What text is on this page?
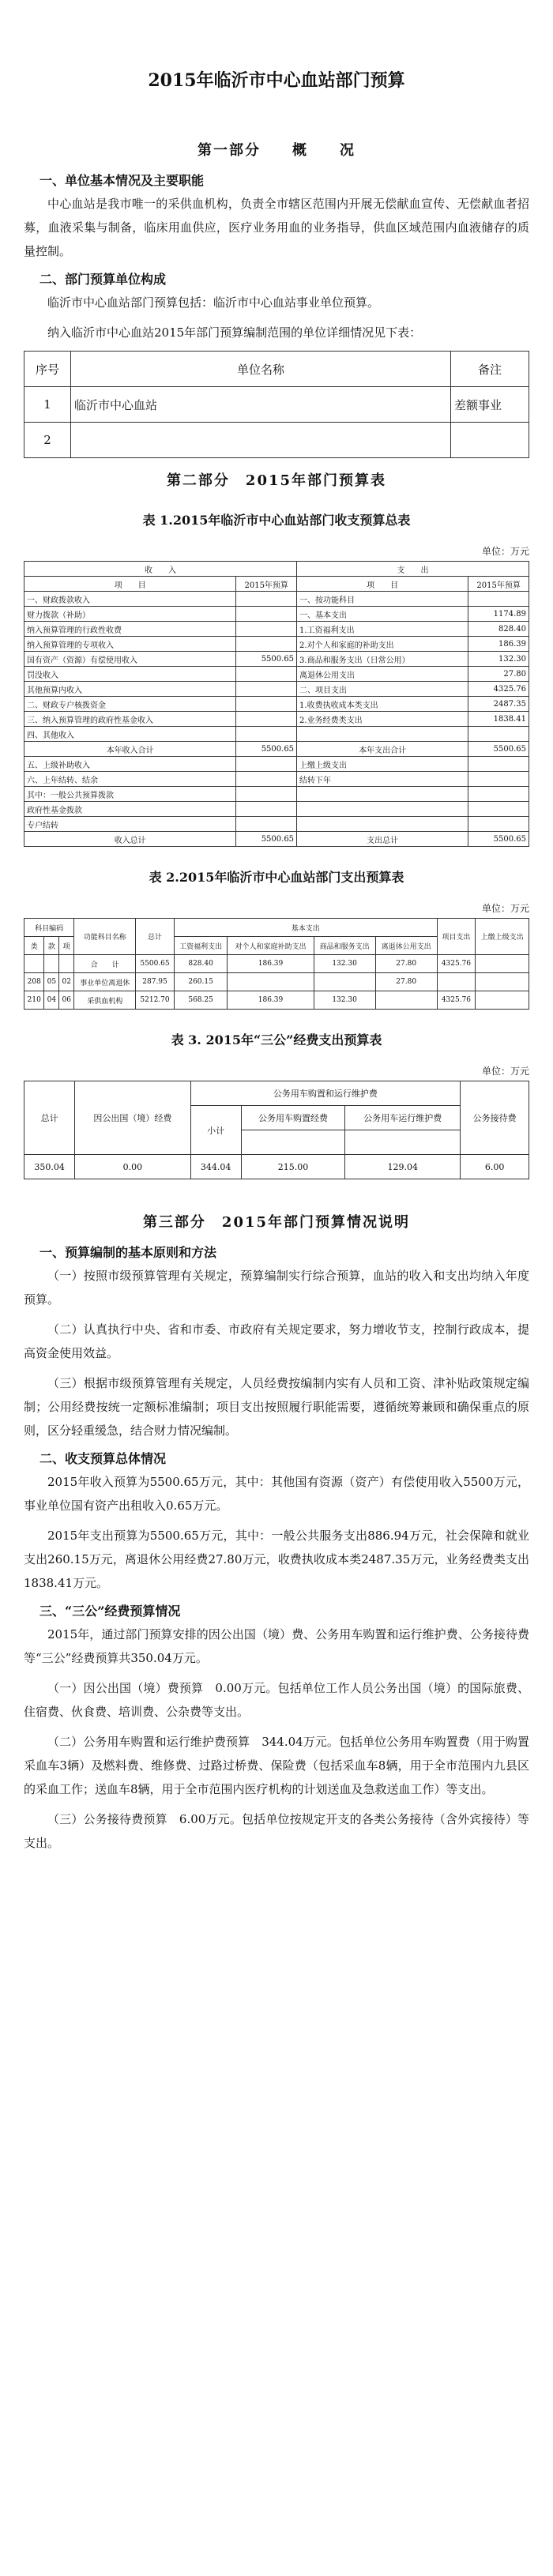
2015年临沂市中心血站部门预算
第一部分　　概　　况
一、单位基本情况及主要职能

中心血站是我市唯一的采供血机构，负责全市辖区范围内开展无偿献血宣传、无偿献血者招募，血液采集与制备，临床用血供应，医疗业务用血的业务指导，供血区域范围内血液储存的质量控制。

二、部门预算单位构成

临沂市中心血站部门预算包括：临沂市中心血站事业单位预算。

纳入临沂市中心血站2015年部门预算编制范围的单位详细情况见下表：

序号	单位名称	备注
1	临沂市中心血站	差额事业
2		
第二部分　2015年部门预算表
表 1.2015年临沂市中心血站部门收支预算总表
单位：万元
收　　入		支　　出	
项　　目	2015年预算	项　　目	2015年预算
一、财政拨款收入		一、按功能科目	
财力拨款（补助）		一、基本支出	1174.89
纳入预算管理的行政性收费		1.工资福利支出	828.40
纳入预算管理的专项收入		2.对个人和家庭的补助支出	186.39
国有资产（资源）有偿使用收入	5500.65	3.商品和服务支出（日常公用）	132.30
罚没收入		离退休公用支出	27.80
其他预算内收入		二、项目支出	4325.76
二、财政专户核拨资金		1.收费执收成本类支出	2487.35
三、纳入预算管理的政府性基金收入		2.业务经费类支出	1838.41
四、其他收入			
本年收入合计	5500.65	本年支出合计	5500.65
五、上级补助收入		上缴上级支出	
六、上年结转、结余		结转下年	
其中：一般公共预算拨款			
政府性基金拨款			
专户结转			
收入总计	5500.65	支出总计	5500.65
表 2.2015年临沂市中心血站部门支出预算表
单位：万元
科目编码			功能科目名称	总计	基本支出				项目支出	上缴上级支出
类	款	项			工资福利支出	对个人和家庭补助支出	商品和服务支出	离退休公用支出		
			合　　计	5500.65	828.40	186.39	132.30	27.80	4325.76	
208	05	02	事业单位离退休	287.95	260.15			27.80		
210	04	06	采供血机构	5212.70	568.25	186.39	132.30		4325.76	
表 3. 2015年“三公”经费支出预算表
单位：万元
总计	因公出国（境）经费	公务用车购置和运行维护费			公务接待费
		小计	公务用车购置经费	公务用车运行维护费	

350.04	0.00	344.04	215.00	129.04	6.00
第三部分　2015年部门预算情况说明
一、预算编制的基本原则和方法

（一）按照市级预算管理有关规定，预算编制实行综合预算，血站的收入和支出均纳入年度预算。

（二）认真执行中央、省和市委、市政府有关规定要求，努力增收节支，控制行政成本，提高资金使用效益。

（三）根据市级预算管理有关规定，人员经费按编制内实有人员和工资、津补贴政策规定编制；公用经费按统一定额标准编制；项目支出按照履行职能需要，遵循统筹兼顾和确保重点的原则，区分轻重缓急，结合财力情况编制。

二、收支预算总体情况

2015年收入预算为5500.65万元，其中：其他国有资源（资产）有偿使用收入5500万元，事业单位国有资产出租收入0.65万元。

2015年支出预算为5500.65万元，其中：一般公共服务支出886.94万元，社会保障和就业支出260.15万元，离退休公用经费27.80万元，收费执收成本类2487.35万元，业务经费类支出1838.41万元。

三、“三公”经费预算情况

2015年，通过部门预算安排的因公出国（境）费、公务用车购置和运行维护费、公务接待费等“三公”经费预算共350.04万元。

（一）因公出国（境）费预算　0.00万元。包括单位工作人员公务出国（境）的国际旅费、住宿费、伙食费、培训费、公杂费等支出。

（二）公务用车购置和运行维护费预算　344.04万元。包括单位公务用车购置费（用于购置采血车3辆）及燃料费、维修费、过路过桥费、保险费（包括采血车8辆，用于全市范围内九县区的采血工作；送血车8辆，用于全市范围内医疗机构的计划送血及急救送血工作）等支出。

（三）公务接待费预算　6.00万元。包括单位按规定开支的各类公务接待（含外宾接待）等支出。
